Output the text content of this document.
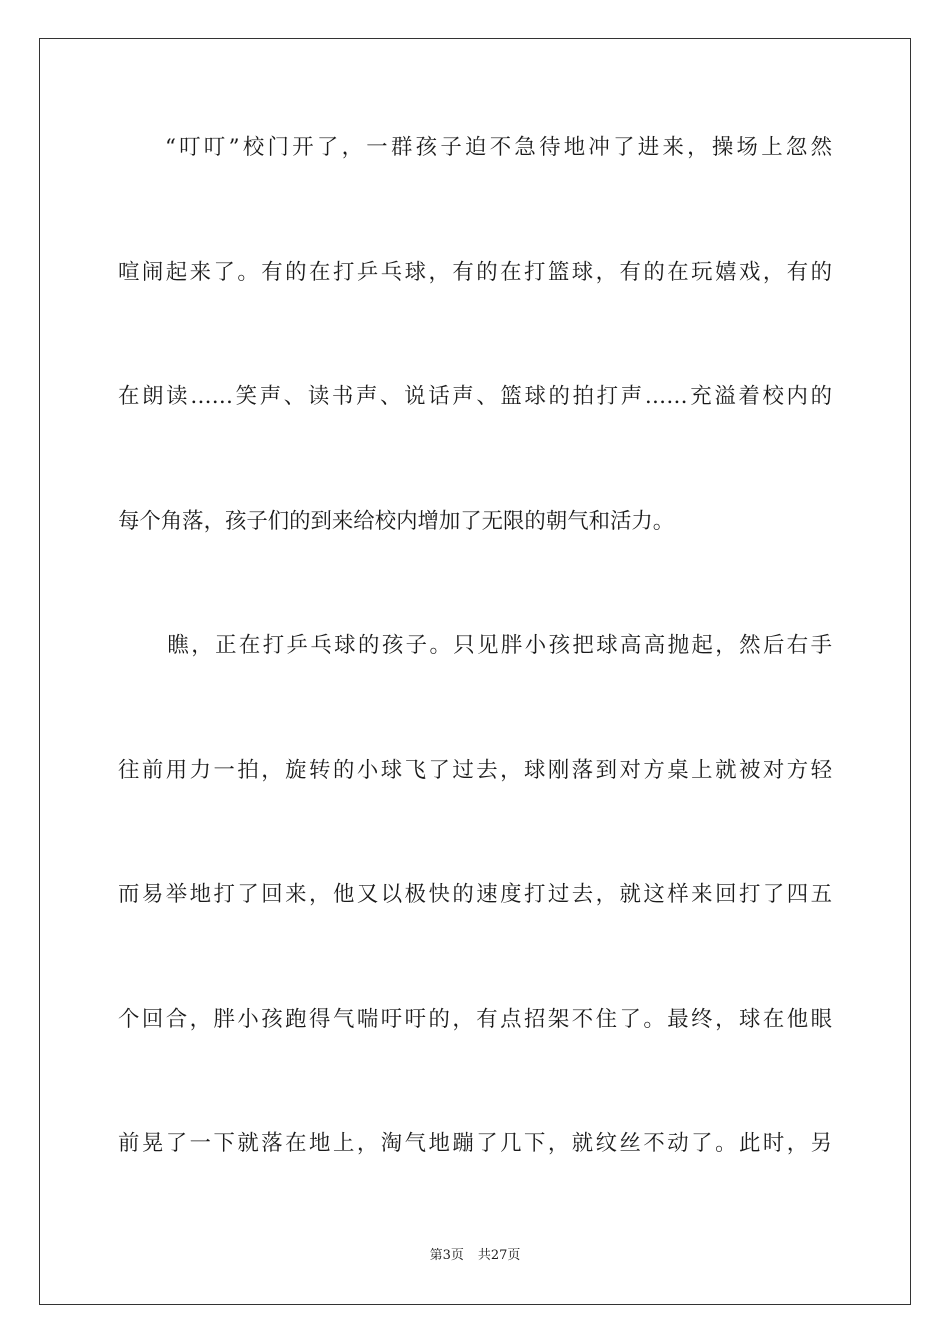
“叮叮”校门开了，一群孩子迫不急待地冲了进来，操场上忽然
喧闹起来了。有的在打乒乓球，有的在打篮球，有的在玩嬉戏，有的
在朗读……笑声、读书声、说话声、篮球的拍打声……充溢着校内的
每个角落，孩子们的到来给校内增加了无限的朝气和活力。
瞧，正在打乒乓球的孩子。只见胖小孩把球高高抛起，然后右手
往前用力一拍，旋转的小球飞了过去，球刚落到对方桌上就被对方轻
而易举地打了回来，他又以极快的速度打过去，就这样来回打了四五
个回合，胖小孩跑得气喘吁吁的，有点招架不住了。最终，球在他眼
前晃了一下就落在地上，淘气地蹦了几下，就纹丝不动了。此时，另
第3页 共27页
